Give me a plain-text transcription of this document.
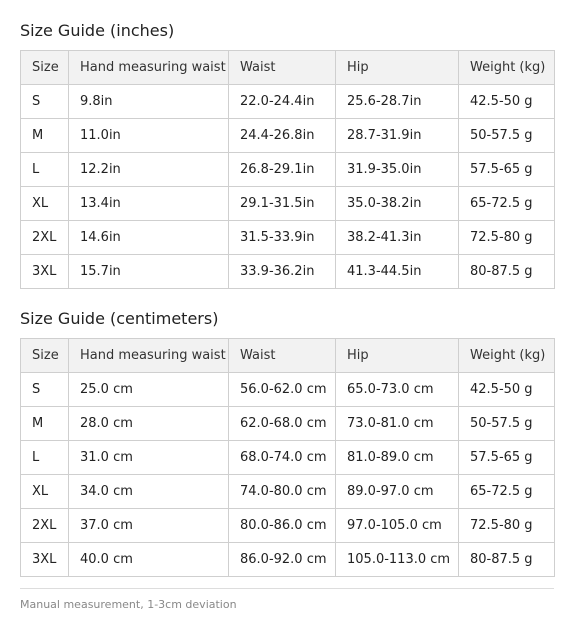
Size Guide (inches)
Size	Hand measuring waist	Waist	Hip	Weight (kg)
S	9.8in	22.0-24.4in	25.6-28.7in	42.5-50 g
M	11.0in	24.4-26.8in	28.7-31.9in	50-57.5 g
L	12.2in	26.8-29.1in	31.9-35.0in	57.5-65 g
XL	13.4in	29.1-31.5in	35.0-38.2in	65-72.5 g
2XL	14.6in	31.5-33.9in	38.2-41.3in	72.5-80 g
3XL	15.7in	33.9-36.2in	41.3-44.5in	80-87.5 g
Size Guide (centimeters)
Size	Hand measuring waist	Waist	Hip	Weight (kg)
S	25.0 cm	56.0-62.0 cm	65.0-73.0 cm	42.5-50 g
M	28.0 cm	62.0-68.0 cm	73.0-81.0 cm	50-57.5 g
L	31.0 cm	68.0-74.0 cm	81.0-89.0 cm	57.5-65 g
XL	34.0 cm	74.0-80.0 cm	89.0-97.0 cm	65-72.5 g
2XL	37.0 cm	80.0-86.0 cm	97.0-105.0 cm	72.5-80 g
3XL	40.0 cm	86.0-92.0 cm	105.0-113.0 cm	80-87.5 g
Manual measurement, 1-3cm deviation
